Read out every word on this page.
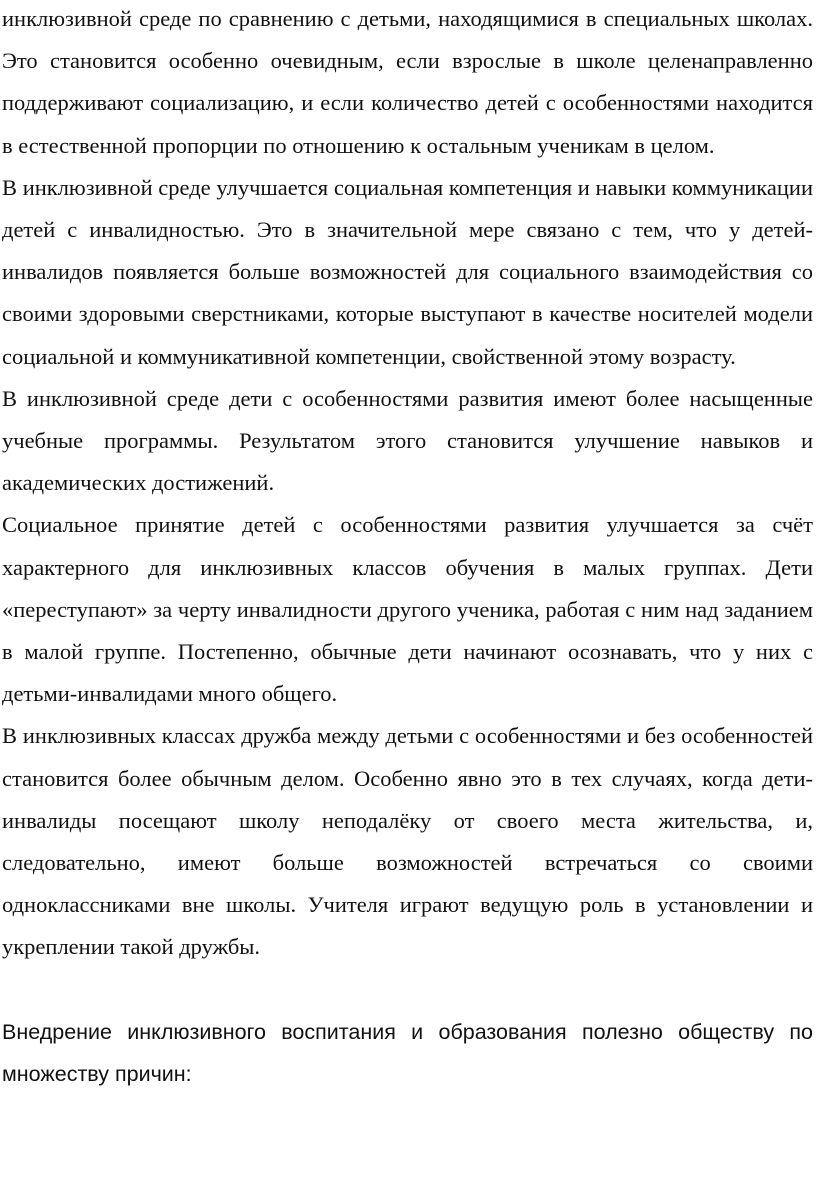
инклюзивной среде по сравнению с детьми, находящимися в специальных школах. Это становится особенно очевидным, если взрослые в школе целенаправленно поддерживают социализацию, и если количество детей с особенностями находится в естественной пропорции по отношению к остальным ученикам в целом.

В инклюзивной среде улучшается социальная компетенция и навыки коммуникации детей с инвалидностью. Это в значительной мере связано с тем, что у детей-инвалидов появляется больше возможностей для социального взаимодействия со своими здоровыми сверстниками, которые выступают в качестве носителей модели социальной и коммуникативной компетенции, свойственной этому возрасту.

В инклюзивной среде дети с особенностями развития имеют более насыщенные учебные программы. Результатом этого становится улучшение навыков и академических достижений.

Социальное принятие детей с особенностями развития улучшается за счёт характерного для инклюзивных классов обучения в малых группах. Дети «переступают» за черту инвалидности другого ученика, работая с ним над заданием в малой группе. Постепенно, обычные дети начинают осознавать, что у них с детьми-инвалидами много общего.

В инклюзивных классах дружба между детьми с особенностями и без особенностей становится более обычным делом. Особенно явно это в тех случаях, когда дети-инвалиды посещают школу неподалёку от своего места жительства, и, следовательно, имеют больше возможностей встречаться со своими одноклассниками вне школы. Учителя играют ведущую роль в установлении и укреплении такой дружбы.

Внедрение инклюзивного воспитания и образования полезно обществу по множеству причин:
